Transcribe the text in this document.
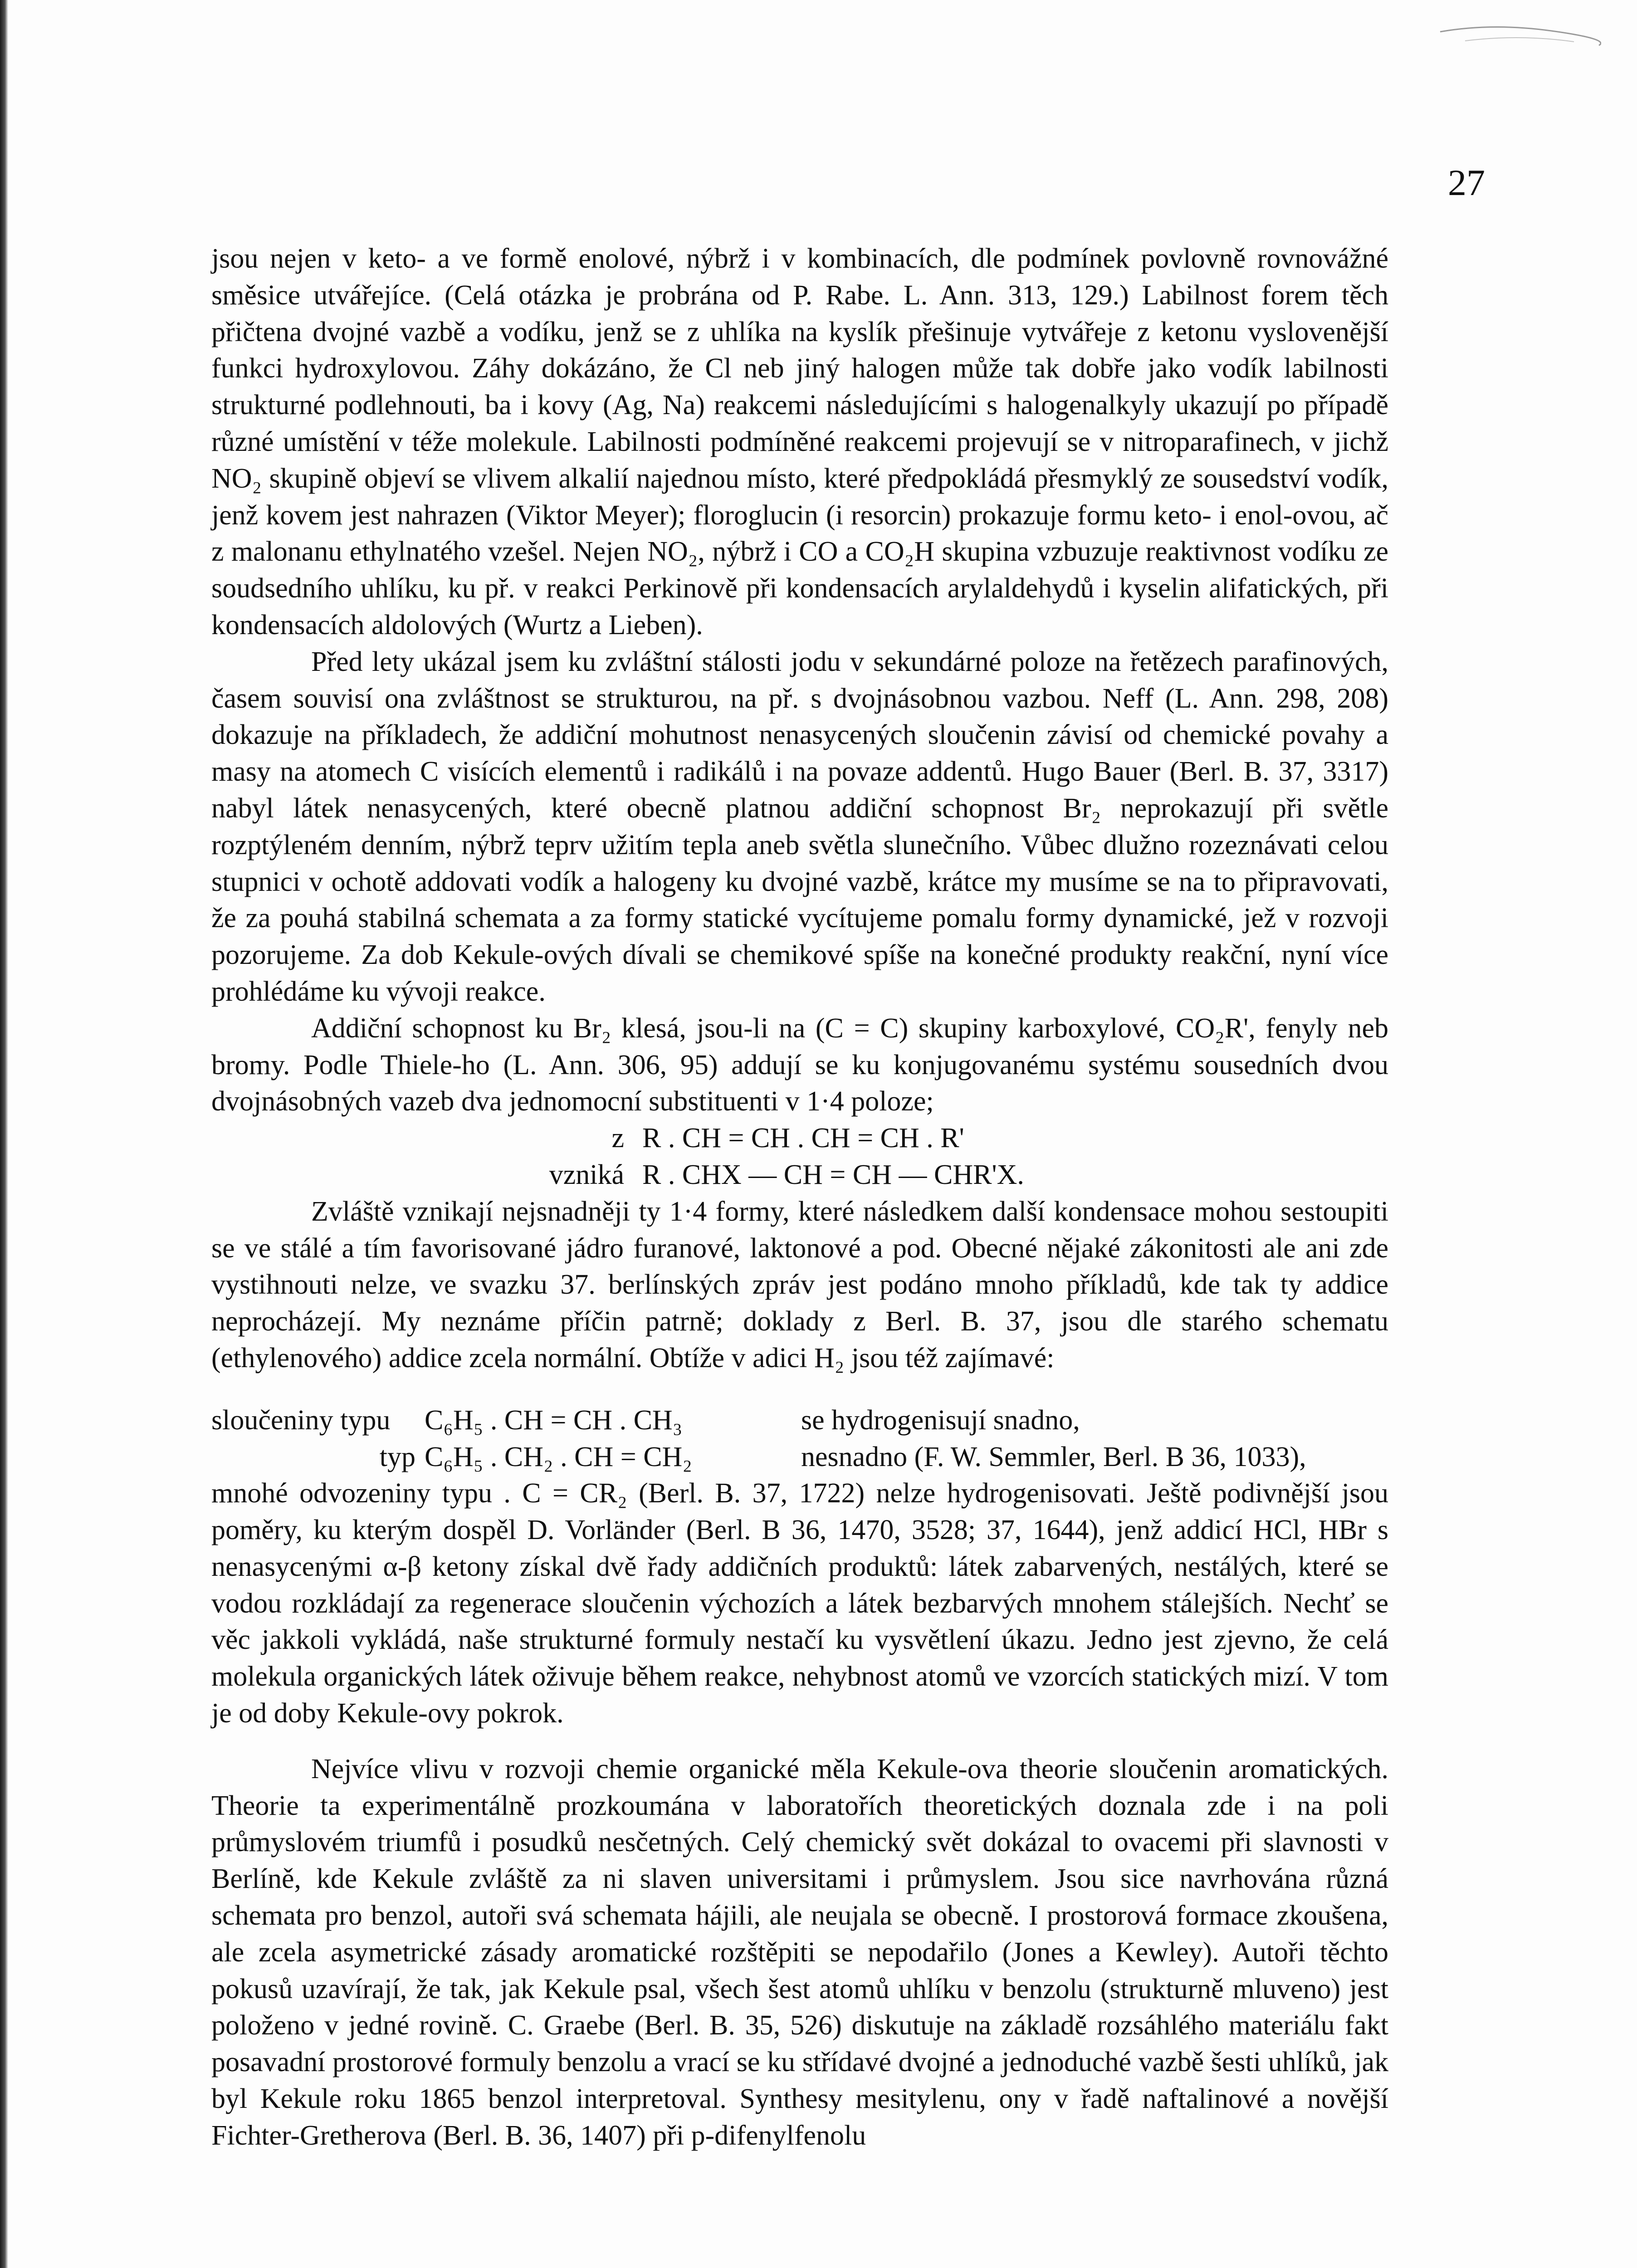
27

jsou nejen v keto- a ve formě enolové, nýbrž i v kombinacích, dle podmínek povlovně rovnovážné směsice utvářejíce. (Celá otázka je probrána od P. Rabe. L. Ann. 313, 129.) Labilnost forem těch přičtena dvojné vazbě a vodíku, jenž se z uhlíka na kyslík přešinuje vytvářeje z ketonu vyslovenější funkci hydroxylovou. Záhy dokázáno, že Cl neb jiný halogen může tak dobře jako vodík labilnosti strukturné podlehnouti, ba i kovy (Ag, Na) reakcemi následujícími s halogenalkyly ukazují po případě různé umístění v téže molekule. Labilnosti podmíněné reakcemi projevují se v nitroparafinech, v jichž NO₂ skupině objeví se vlivem alkalií najednou místo, které předpokládá přesmyklý ze sousedství vodík, jenž kovem jest nahrazen (Viktor Meyer); floroglucin (i resorcin) prokazuje formu keto- i enol-ovou, ač z malonanu ethylnatého vzešel. Nejen NO₂, nýbrž i CO a CO₂H skupina vzbuzuje reaktivnost vodíku ze soudsedního uhlíku, ku př. v reakci Perkinově při kondensacích arylaldehydů i kyselin alifatických, při kondensacích aldolových (Wurtz a Lieben).

Před lety ukázal jsem ku zvláštní stálosti jodu v sekundárné poloze na řetězech parafinových, časem souvisí ona zvláštnost se strukturou, na př. s dvojnásobnou vazbou. Neff (L. Ann. 298, 208) dokazuje na příkladech, že addiční mohutnost nenasycených sloučenin závisí od chemické povahy a masy na atomech C visících elementů i radikálů i na povaze addentů. Hugo Bauer (Berl. B. 37, 3317) nabyl látek nenasycených, které obecně platnou addiční schopnost Br₂ neprokazují při světle rozptýleném denním, nýbrž teprv užitím tepla aneb světla slunečního. Vůbec dlužno rozeznávati celou stupnici v ochotě addovati vodík a halogeny ku dvojné vazbě, krátce my musíme se na to připravovati, že za pouhá stabilná schemata a za formy statické vycítujeme pomalu formy dynamické, jež v rozvoji pozorujeme. Za dob Kekule-ových dívali se chemikové spíše na konečné produkty reakční, nyní více prohlédáme ku vývoji reakce.

Addiční schopnost ku Br₂ klesá, jsou-li na (C = C) skupiny karboxylové, CO₂R', fenyly neb bromy. Podle Thiele-ho (L. Ann. 306, 95) addují se ku konjugovanému systému sousedních dvou dvojnásobných vazeb dva jednomocní substituenti v 1·4 poloze;

z R . CH = CH . CH = CH . R'
vzniká R . CHX — CH = CH — CHR'X.

Zvláště vznikají nejsnadněji ty 1·4 formy, které následkem další kondensace mohou sestoupiti se ve stálé a tím favorisované jádro furanové, laktonové a pod. Obecné nějaké zákonitosti ale ani zde vystihnouti nelze, ve svazku 37. berlínských zpráv jest podáno mnoho příkladů, kde tak ty addice neprocházejí. My neznáme příčin patrně; doklady z Berl. B. 37, jsou dle starého schematu (ethylenového) addice zcela normální. Obtíže v adici H₂ jsou též zajímavé:

sloučeniny typu	C₆H₅ . CH = CH . CH₃	se hydrogenisují snadno,
typ C₆H₅ . CH₂ . CH = CH₂	nesnadno (F. W. Semmler, Berl. B 36, 1033),

mnohé odvozeniny typu . C = CR₂ (Berl. B. 37, 1722) nelze hydrogenisovati. Ještě podivnější jsou poměry, ku kterým dospěl D. Vorländer (Berl. B 36, 1470, 3528; 37, 1644), jenž addicí HCl, HBr s nenasycenými α-β ketony získal dvě řady addičních produktů: látek zabarvených, nestálých, které se vodou rozkládají za regenerace sloučenin výchozích a látek bezbarvých mnohem stálejších. Nechť se věc jakkoli vykládá, naše strukturné formuly nestačí ku vysvětlení úkazu. Jedno jest zjevno, že celá molekula organických látek oživuje během reakce, nehybnost atomů ve vzorcích statických mizí. V tom je od doby Kekule-ovy pokrok.

Nejvíce vlivu v rozvoji chemie organické měla Kekule-ova theorie sloučenin aromatických. Theorie ta experimentálně prozkoumána v laboratořích theoretických doznala zde i na poli průmyslovém triumfů i posudků nesčetných. Celý chemický svět dokázal to ovacemi při slavnosti v Berlíně, kde Kekule zvláště za ni slaven universitami i průmyslem. Jsou sice navrhována různá schemata pro benzol, autoři svá schemata hájili, ale neujala se obecně. I prostorová formace zkoušena, ale zcela asymetrické zásady aromatické rozštěpiti se nepodařilo (Jones a Kewley). Autoři těchto pokusů uzavírají, že tak, jak Kekule psal, všech šest atomů uhlíku v benzolu (strukturně mluveno) jest položeno v jedné rovině. C. Graebe (Berl. B. 35, 526) diskutuje na základě rozsáhlého materiálu fakt posavadní prostorové formuly benzolu a vrací se ku střídavé dvojné a jednoduché vazbě šesti uhlíků, jak byl Kekule roku 1865 benzol interpretoval. Synthesy mesitylenu, ony v řadě naftalinové a novější Fichter-Gretherova (Berl. B. 36, 1407) při p-difenylfenolu
